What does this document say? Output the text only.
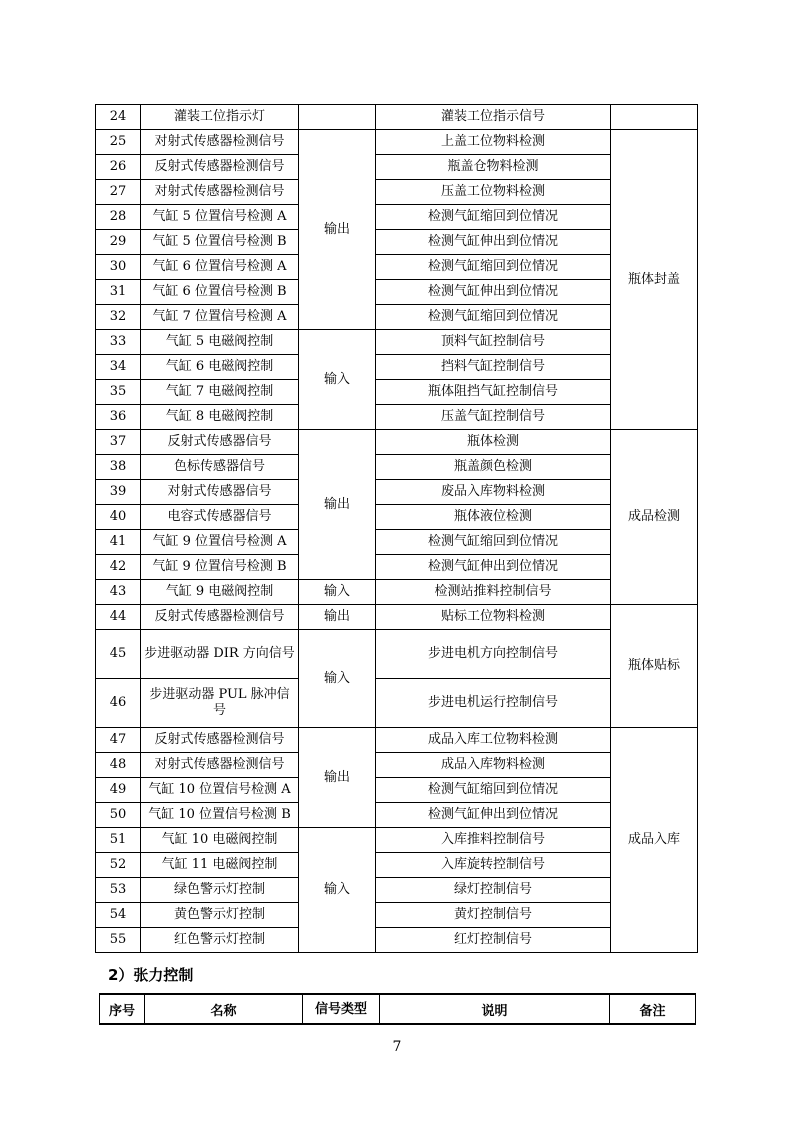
24	灌装工位指示灯		灌装工位指示信号	
25	对射式传感器检测信号	输出	上盖工位物料检测	瓶体封盖
26	反射式传感器检测信号		瓶盖仓物料检测	
27	对射式传感器检测信号		压盖工位物料检测	
28	气缸 5 位置信号检测 A		检测气缸缩回到位情况	
29	气缸 5 位置信号检测 B		检测气缸伸出到位情况	
30	气缸 6 位置信号检测 A		检测气缸缩回到位情况	
31	气缸 6 位置信号检测 B		检测气缸伸出到位情况	
32	气缸 7 位置信号检测 A		检测气缸缩回到位情况	
33	气缸 5 电磁阀控制	输入	顶料气缸控制信号	
34	气缸 6 电磁阀控制		挡料气缸控制信号	
35	气缸 7 电磁阀控制		瓶体阻挡气缸控制信号	
36	气缸 8 电磁阀控制		压盖气缸控制信号	
37	反射式传感器信号	输出	瓶体检测	成品检测
38	色标传感器信号		瓶盖颜色检测	
39	对射式传感器信号		废品入库物料检测	
40	电容式传感器信号		瓶体液位检测	
41	气缸 9 位置信号检测 A		检测气缸缩回到位情况	
42	气缸 9 位置信号检测 B		检测气缸伸出到位情况	
43	气缸 9 电磁阀控制	输入	检测站推料控制信号	
44	反射式传感器检测信号	输出	贴标工位物料检测	瓶体贴标
45	步进驱动器 DIR 方向信号	输入	步进电机方向控制信号	
46	步进驱动器 PUL 脉冲信号		步进电机运行控制信号	
47	反射式传感器检测信号	输出	成品入库工位物料检测	成品入库
48	对射式传感器检测信号		成品入库物料检测	
49	气缸 10 位置信号检测 A		检测气缸缩回到位情况	
50	气缸 10 位置信号检测 B		检测气缸伸出到位情况	
51	气缸 10 电磁阀控制	输入	入库推料控制信号	
52	气缸 11 电磁阀控制		入库旋转控制信号	
53	绿色警示灯控制		绿灯控制信号	
54	黄色警示灯控制		黄灯控制信号	
55	红色警示灯控制		红灯控制信号	
2）张力控制
序号	名称	信号类型	说明	备注
7
